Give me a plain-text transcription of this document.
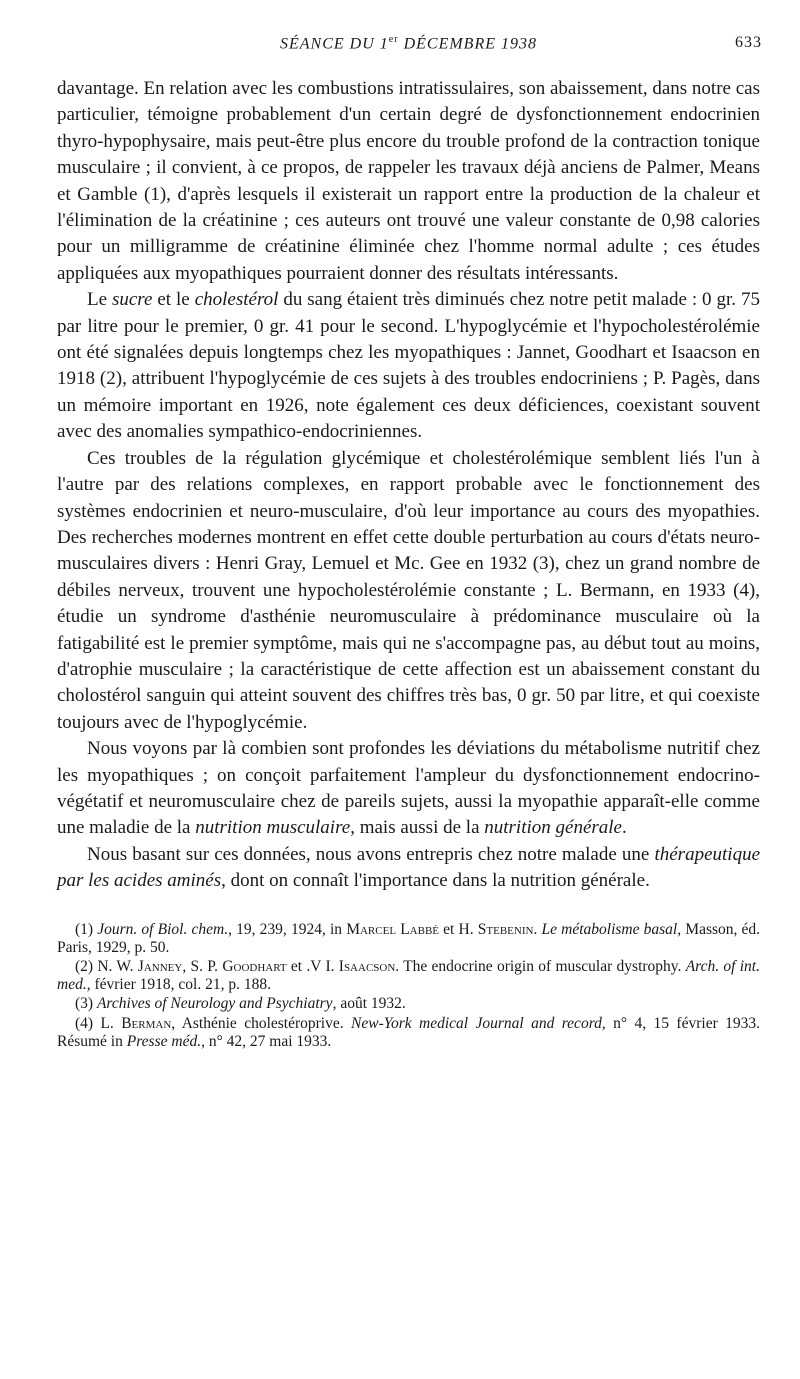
SÉANCE DU 1er DÉCEMBRE 1938	633

davantage. En relation avec les combustions intratissulaires, son abaissement, dans notre cas particulier, témoigne probablement d'un certain degré de dysfonctionnement endocrinien thyro-hypophysaire, mais peut-être plus encore du trouble profond de la contraction tonique musculaire ; il convient, à ce propos, de rappeler les travaux déjà anciens de Palmer, Means et Gamble (1), d'après lesquels il existerait un rapport entre la production de la chaleur et l'élimination de la créatinine ; ces auteurs ont trouvé une valeur constante de 0,98 calories pour un milligramme de créatinine éliminée chez l'homme normal adulte ; ces études appliquées aux myopathiques pourraient donner des résultats intéressants.

Le sucre et le cholestérol du sang étaient très diminués chez notre petit malade : 0 gr. 75 par litre pour le premier, 0 gr. 41 pour le second. L'hypoglycémie et l'hypocholestérolémie ont été signalées depuis longtemps chez les myopathiques : Jannet, Goodhart et Isaacson en 1918 (2), attribuent l'hypoglycémie de ces sujets à des troubles endocriniens ; P. Pagès, dans un mémoire important en 1926, note également ces deux déficiences, coexistant souvent avec des anomalies sympathico-endocriniennes.

Ces troubles de la régulation glycémique et cholestérolémique semblent liés l'un à l'autre par des relations complexes, en rapport probable avec le fonctionnement des systèmes endocrinien et neuro-musculaire, d'où leur importance au cours des myopathies. Des recherches modernes montrent en effet cette double perturbation au cours d'états neuro-musculaires divers : Henri Gray, Lemuel et Mc. Gee en 1932 (3), chez un grand nombre de débiles nerveux, trouvent une hypocholestérolémie constante ; L. Bermann, en 1933 (4), étudie un syndrome d'asthénie neuromusculaire à prédominance musculaire où la fatigabilité est le premier symptôme, mais qui ne s'accompagne pas, au début tout au moins, d'atrophie musculaire ; la caractéristique de cette affection est un abaissement constant du cholostérol sanguin qui atteint souvent des chiffres très bas, 0 gr. 50 par litre, et qui coexiste toujours avec de l'hypoglycémie.

Nous voyons par là combien sont profondes les déviations du métabolisme nutritif chez les myopathiques ; on conçoit parfaitement l'ampleur du dysfonctionnement endocrino-végétatif et neuromusculaire chez de pareils sujets, aussi la myopathie apparaît-elle comme une maladie de la nutrition musculaire, mais aussi de la nutrition générale.

Nous basant sur ces données, nous avons entrepris chez notre malade une thérapeutique par les acides aminés, dont on connaît l'importance dans la nutrition générale.

(1) Journ. of Biol. chem., 19, 239, 1924, in Marcel Labbé et H. Stebenin. Le métabolisme basal, Masson, éd. Paris, 1929, p. 50.

(2) N. W. Janney, S. P. Goodhart et .V I. Isaacson. The endocrine origin of muscular dystrophy. Arch. of int. med., février 1918, col. 21, p. 188.

(3) Archives of Neurology and Psychiatry, août 1932.

(4) L. Berman, Asthénie cholestéroprive. New-York medical Journal and record, n° 4, 15 février 1933. Résumé in Presse méd., n° 42, 27 mai 1933.
